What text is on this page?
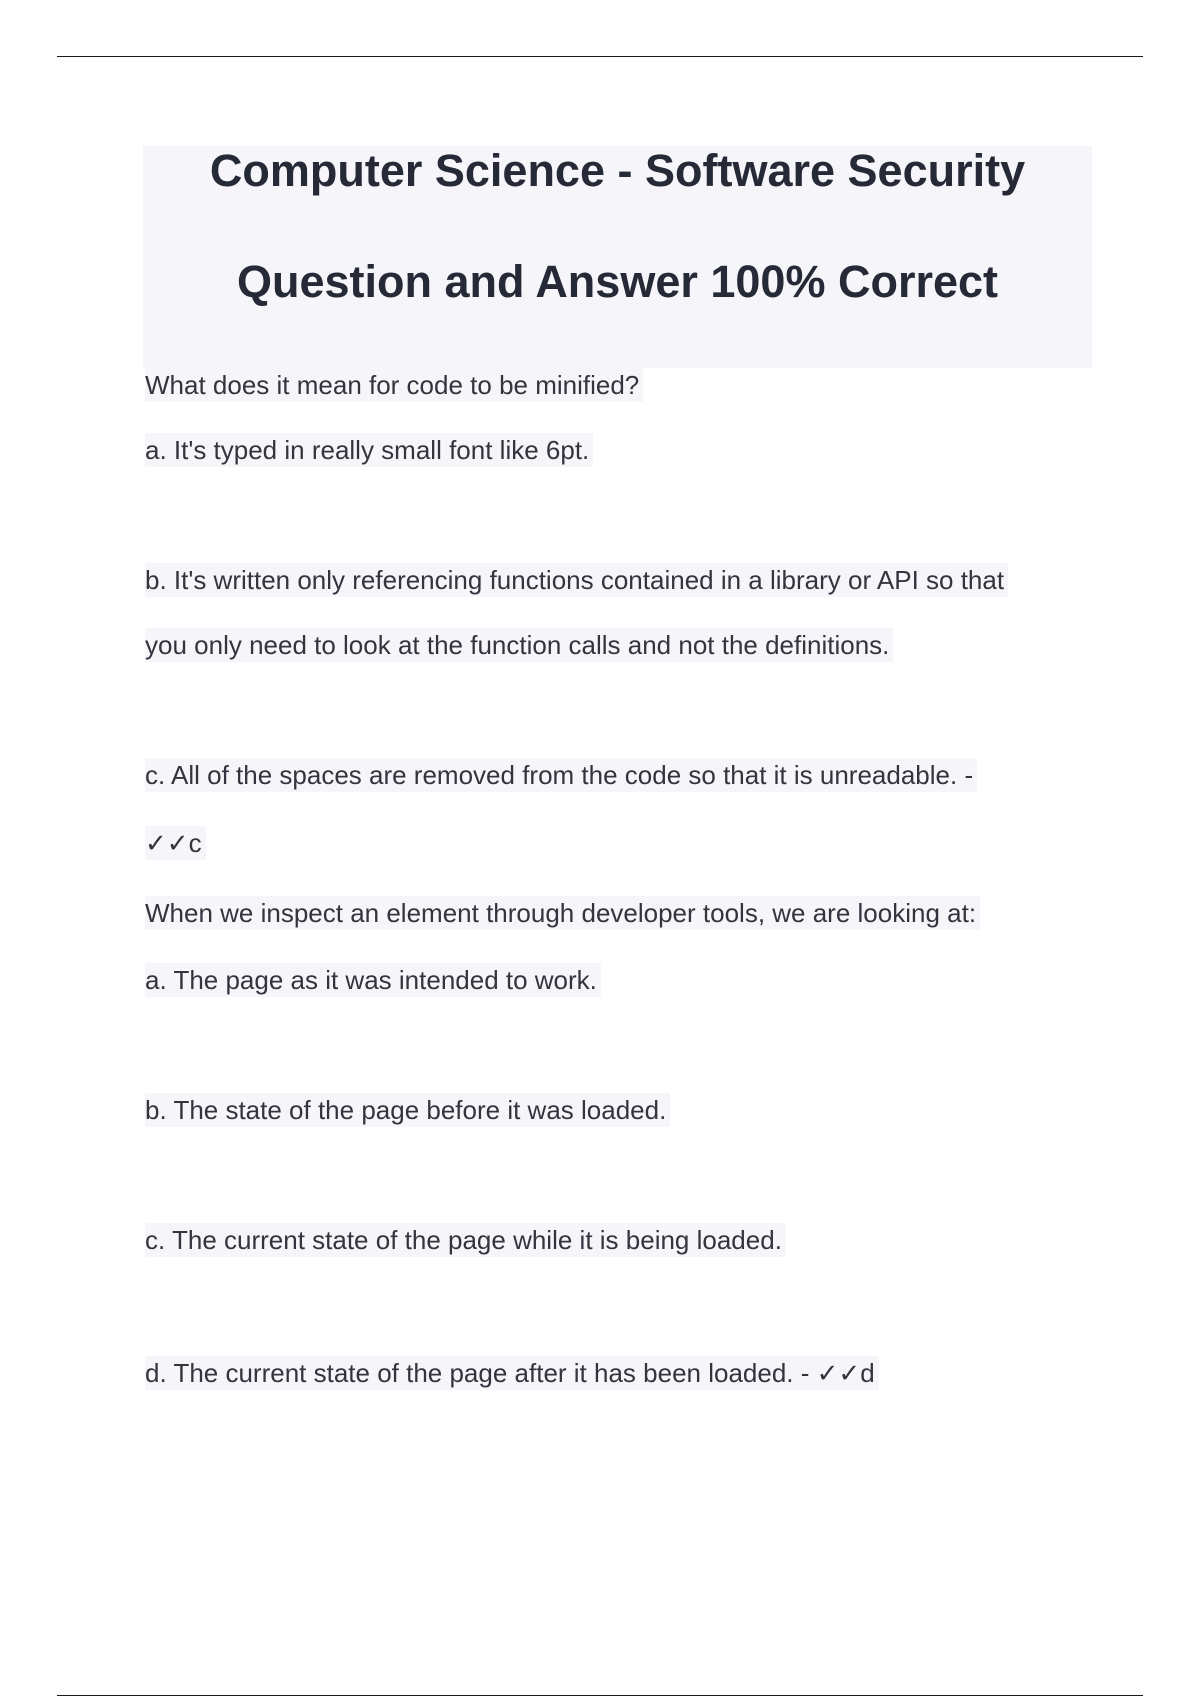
Computer Science - Software Security
Question and Answer 100% Correct
What does it mean for code to be minified?
a. It's typed in really small font like 6pt.
b. It's written only referencing functions contained in a library or API so that
you only need to look at the function calls and not the definitions.
c. All of the spaces are removed from the code so that it is unreadable. -
✓✓c
When we inspect an element through developer tools, we are looking at:
a. The page as it was intended to work.
b. The state of the page before it was loaded.
c. The current state of the page while it is being loaded.
d. The current state of the page after it has been loaded. - ✓✓d
